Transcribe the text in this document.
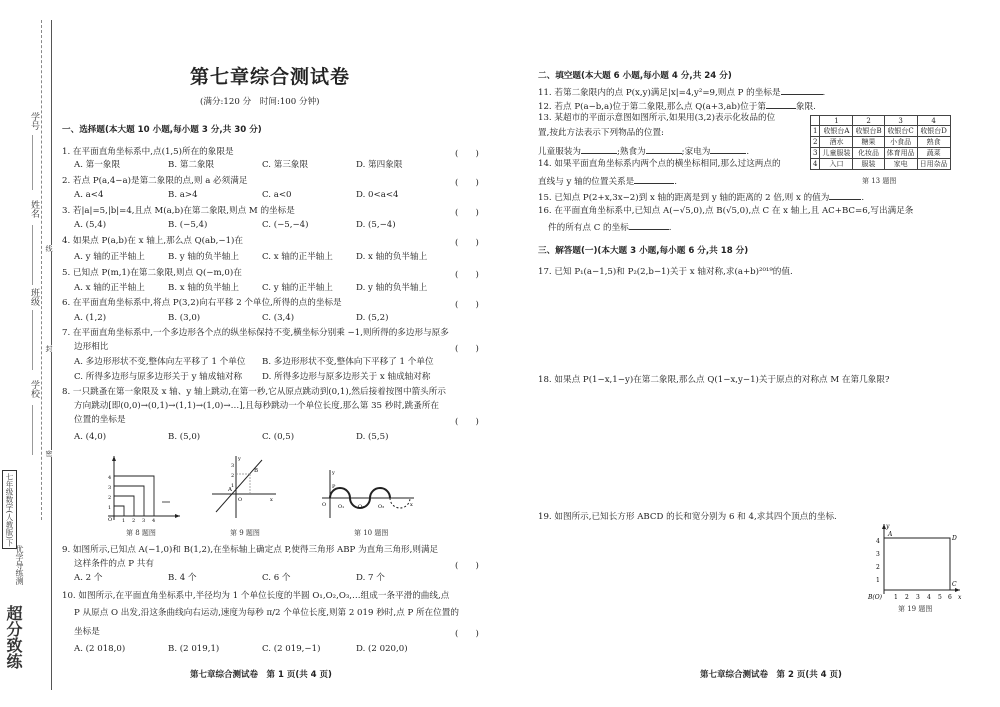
学号
姓名
班级
学校
线
封
密
七年级数学(人教版)下
优学导练测
超分致练
第七章综合测试卷
(满分:120 分　时间:100 分钟)
一、选择题(本大题 10 小题,每小题 3 分,共 30 分)
1. 在平面直角坐标系中,点(1,5)所在的象限是	(　　)
A. 第一象限	B. 第二象限	C. 第三象限	D. 第四象限
2. 若点 P(a,4−a)是第二象限的点,则 a 必须满足	(　　)
A. a<4	B. a>4	C. a<0	D. 0<a<4
3. 若|a|=5,|b|=4,且点 M(a,b)在第二象限,则点 M 的坐标是	(　　)
A. (5,4)	B. (−5,4)	C. (−5,−4)	D. (5,−4)
4. 如果点 P(a,b)在 x 轴上,那么点 Q(ab,−1)在	(　　)
A. y 轴的正半轴上	B. y 轴的负半轴上	C. x 轴的正半轴上	D. x 轴的负半轴上
5. 已知点 P(m,1)在第二象限,则点 Q(−m,0)在	(　　)
A. x 轴的正半轴上	B. x 轴的负半轴上	C. y 轴的正半轴上	D. y 轴的负半轴上
6. 在平面直角坐标系中,将点 P(3,2)向右平移 2 个单位,所得的点的坐标是	(　　)
A. (1,2)	B. (3,0)	C. (3,4)	D. (5,2)
7. 在平面直角坐标系中,一个多边形各个点的纵坐标保持不变,横坐标分别乘 −1,则所得的多边形与原多
边形相比	(　　)
A. 多边形形状不变,整体向左平移了 1 个单位 B. 多边形形状不变,整体向下平移了 1 个单位
C. 所得多边形与原多边形关于 y 轴成轴对称 D. 所得多边形与原多边形关于 x 轴成轴对称
8. 一只跳蚤在第一象限及 x 轴、y 轴上跳动,在第一秒,它从原点跳动到(0,1),然后接着按图中箭头所示
方向跳动[即(0,0)→(0,1)→(1,1)→(1,0)→…],且每秒跳动一个单位长度,那么第 35 秒时,跳蚤所在
位置的坐标是	(　　)
A. (4,0)	B. (5,0)	C. (0,5)	D. (5,5)
1
2
3
4
O 1 2 3 4
第 8 题图
A
B
O
2
3
1
x
y
第 9 题图
O O₁	O₂	O₃
P
x
y
第 10 题图
9. 如图所示,已知点 A(−1,0)和 B(1,2),在坐标轴上确定点 P,使得三角形 ABP 为直角三角形,则满足
这样条件的点 P 共有	(　　)
A. 2 个	B. 4 个	C. 6 个	D. 7 个
10. 如图所示,在平面直角坐标系中,半径均为 1 个单位长度的半圆 O₁,O₂,O₃,…组成一条平滑的曲线,点
P 从原点 O 出发,沿这条曲线向右运动,速度为每秒 π/2 个单位长度,则第 2 019 秒时,点 P 所在位置的
坐标是	(　　)
A. (2 018,0)	B. (2 019,1)	C. (2 019,−1)	D. (2 020,0)
第七章综合测试卷　第 1 页(共 4 页)
二、填空题(本大题 6 小题,每小题 4 分,共 24 分)
11. 若第二象限内的点 P(x,y)满足|x|=4,y²=9,则点 P 的坐标是	.
12. 若点 P(a−b,a)位于第二象限,那么点 Q(a+3,ab)位于第	象限.
13. 某超市的平面示意图如图所示,如果用(3,2)表示化妆品的位
置,按此方法表示下列物品的位置:
儿童服装为	;熟食为	;家电为	.
14. 如果平面直角坐标系内两个点的横坐标相同,那么过这两点的
直线与 y 轴的位置关系是	.
15. 已知点 P(2+x,3x−2)到 x 轴的距离是到 y 轴的距离的 2 倍,则 x 的值为	.
16. 在平面直角坐标系中,已知点 A(−√5,0),点 B(√5,0),点 C 在 x 轴上,且 AC+BC=6,写出满足条
件的所有点 C 的坐标	.
	1	2	3	4
1	收银台A	收银台B	收银台C	收银台D
2	酒水	糖果	小食品	熟食
3	儿童服装	化妆品	体育用品	蔬菜
4	入口	服装	家电	日用杂品
第 13 题图
三、解答题(一)(本大题 3 小题,每小题 6 分,共 18 分)
17. 已知 P₁(a−1,5)和 P₂(2,b−1)关于 x 轴对称,求(a+b)²⁰¹⁹的值.
18. 如果点 P(1−x,1−y)在第二象限,那么点 Q(1−x,y−1)关于原点的对称点 M 在第几象限?
19. 如图所示,已知长方形 ABCD 的长和宽分别为 6 和 4,求其四个顶点的坐标.
4
3
2
1
1 2 3 4 5 6
A
D
C
B(O)
y
x
第 19 题图
第七章综合测试卷　第 2 页(共 4 页)
